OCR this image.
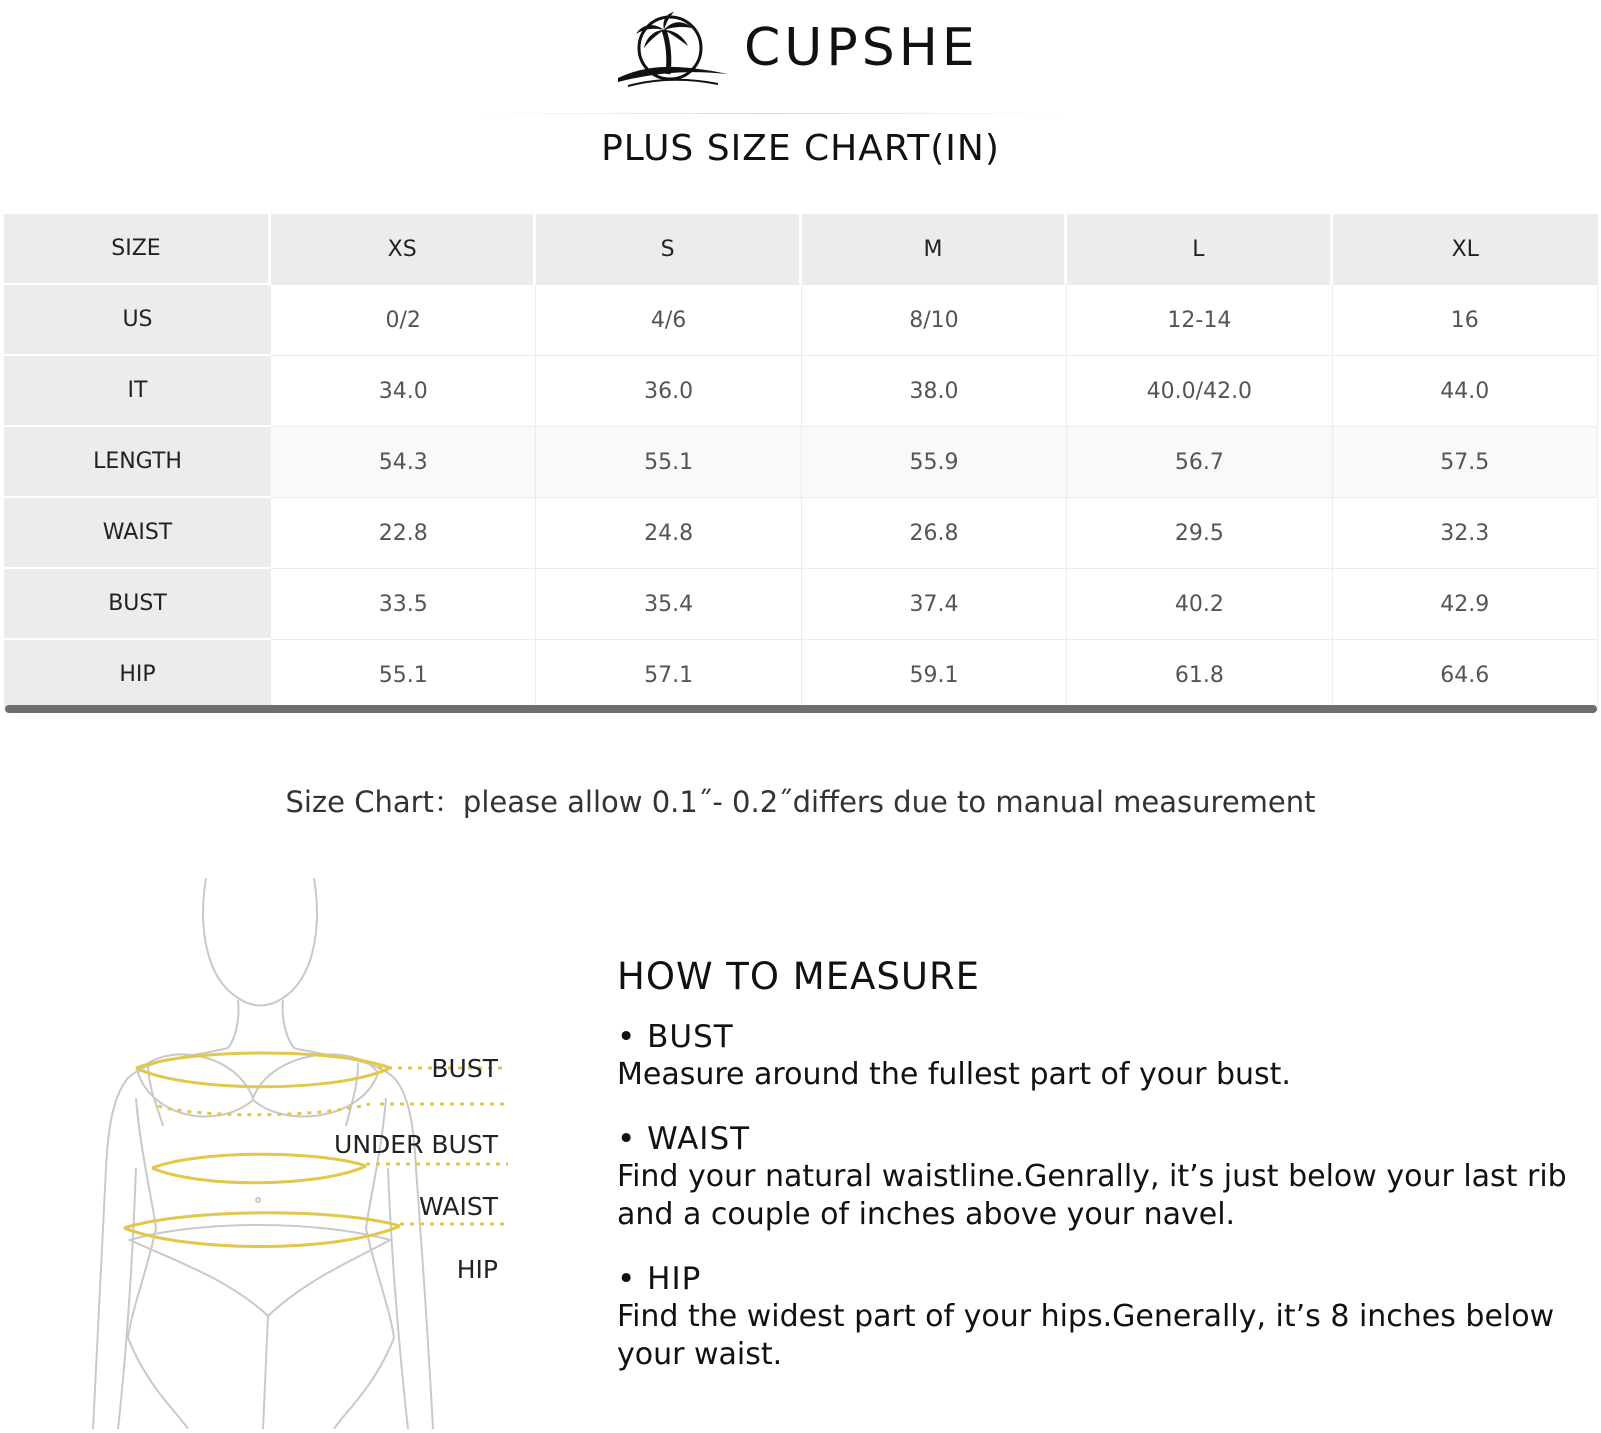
CUPSHE
PLUS SIZE CHART(IN)
SIZE	XS	S	M	L	XL
US	0/2	4/6	8/10	12-14	16
IT	34.0	36.0	38.0	40.0/42.0	44.0
LENGTH	54.3	55.1	55.9	56.7	57.5
WAIST	22.8	24.8	26.8	29.5	32.3
BUST	33.5	35.4	37.4	40.2	42.9
HIP	55.1	57.1	59.1	61.8	64.6
Size Chart：please allow 0.1˝- 0.2˝differs due to manual measurement
BUST
UNDER BUST
WAIST
HIP
HOW TO MEASURE
• BUST
Measure around the fullest part of your bust.
• WAIST
Find your natural waistline.Genrally, it’s just below your last rib and a couple of inches above your navel.
• HIP
Find the widest part of your hips.Generally, it’s 8 inches below your waist.
